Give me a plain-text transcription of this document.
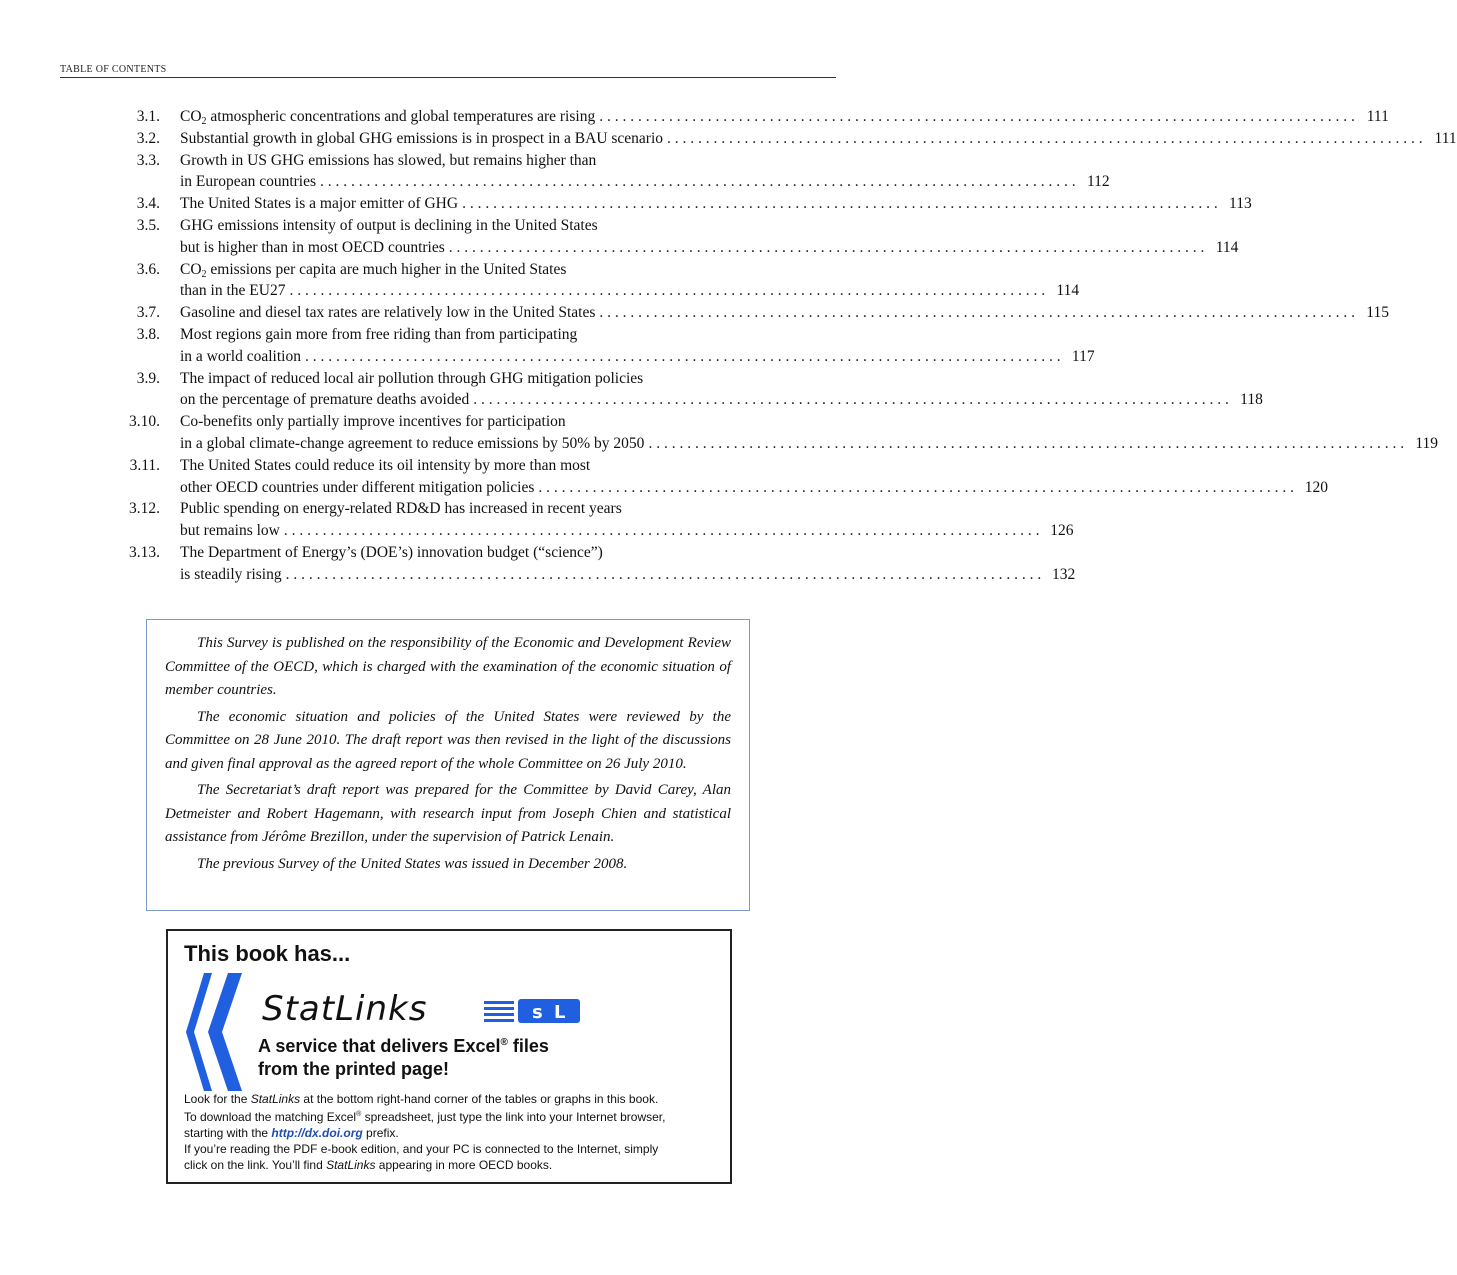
TABLE OF CONTENTS
3.1. $CO_2$ atmospheric concentrations and global temperatures are rising . . .	111
3.2. Substantial growth in global GHG emissions is in prospect in a BAU scenario . . .	111
3.3. Growth in US GHG emissions has slowed, but remains higher than
in European countries . . .	112
3.4. The United States is a major emitter of GHG . . .	113
3.5. GHG emissions intensity of output is declining in the United States
but is higher than in most OECD countries . . .	114
3.6. $CO_2$ emissions per capita are much higher in the United States
than in the EU27 . . .	114
3.7. Gasoline and diesel tax rates are relatively low in the United States . . .	115
3.8. Most regions gain more from free riding than from participating
in a world coalition . . .	117
3.9. The impact of reduced local air pollution through GHG mitigation policies
on the percentage of premature deaths avoided . . .	118
3.10. Co-benefits only partially improve incentives for participation
in a global climate-change agreement to reduce emissions by 50% by 2050 . . .	119
3.11. The United States could reduce its oil intensity by more than most
other OECD countries under different mitigation policies . . .	120
3.12. Public spending on energy-related RD&D has increased in recent years
but remains low . . .	126
3.13. The Department of Energy’s (DOE’s) innovation budget (“science”)
is steadily rising . . .	132

This Survey is published on the responsibility of the Economic and Development Review Committee of the OECD, which is charged with the examination of the economic situation of member countries.

The economic situation and policies of the United States were reviewed by the Committee on 28 June 2010. The draft report was then revised in the light of the discussions and given final approval as the agreed report of the whole Committee on 26 July 2010.

The Secretariat’s draft report was prepared for the Committee by David Carey, Alan Detmeister and Robert Hagemann, with research input from Joseph Chien and statistical assistance from Jérôme Brezillon, under the supervision of Patrick Lenain.

The previous Survey of the United States was issued in December 2008.

This book has...
StatLinks	s L
A service that delivers Excel® files
from the printed page!
Look for the StatLinks at the bottom right-hand corner of the tables or graphs in this book.
To download the matching Excel® spreadsheet, just type the link into your Internet browser,
starting with the http://dx.doi.org prefix.
If you’re reading the PDF e-book edition, and your PC is connected to the Internet, simply
click on the link. You’ll find StatLinks appearing in more OECD books.
